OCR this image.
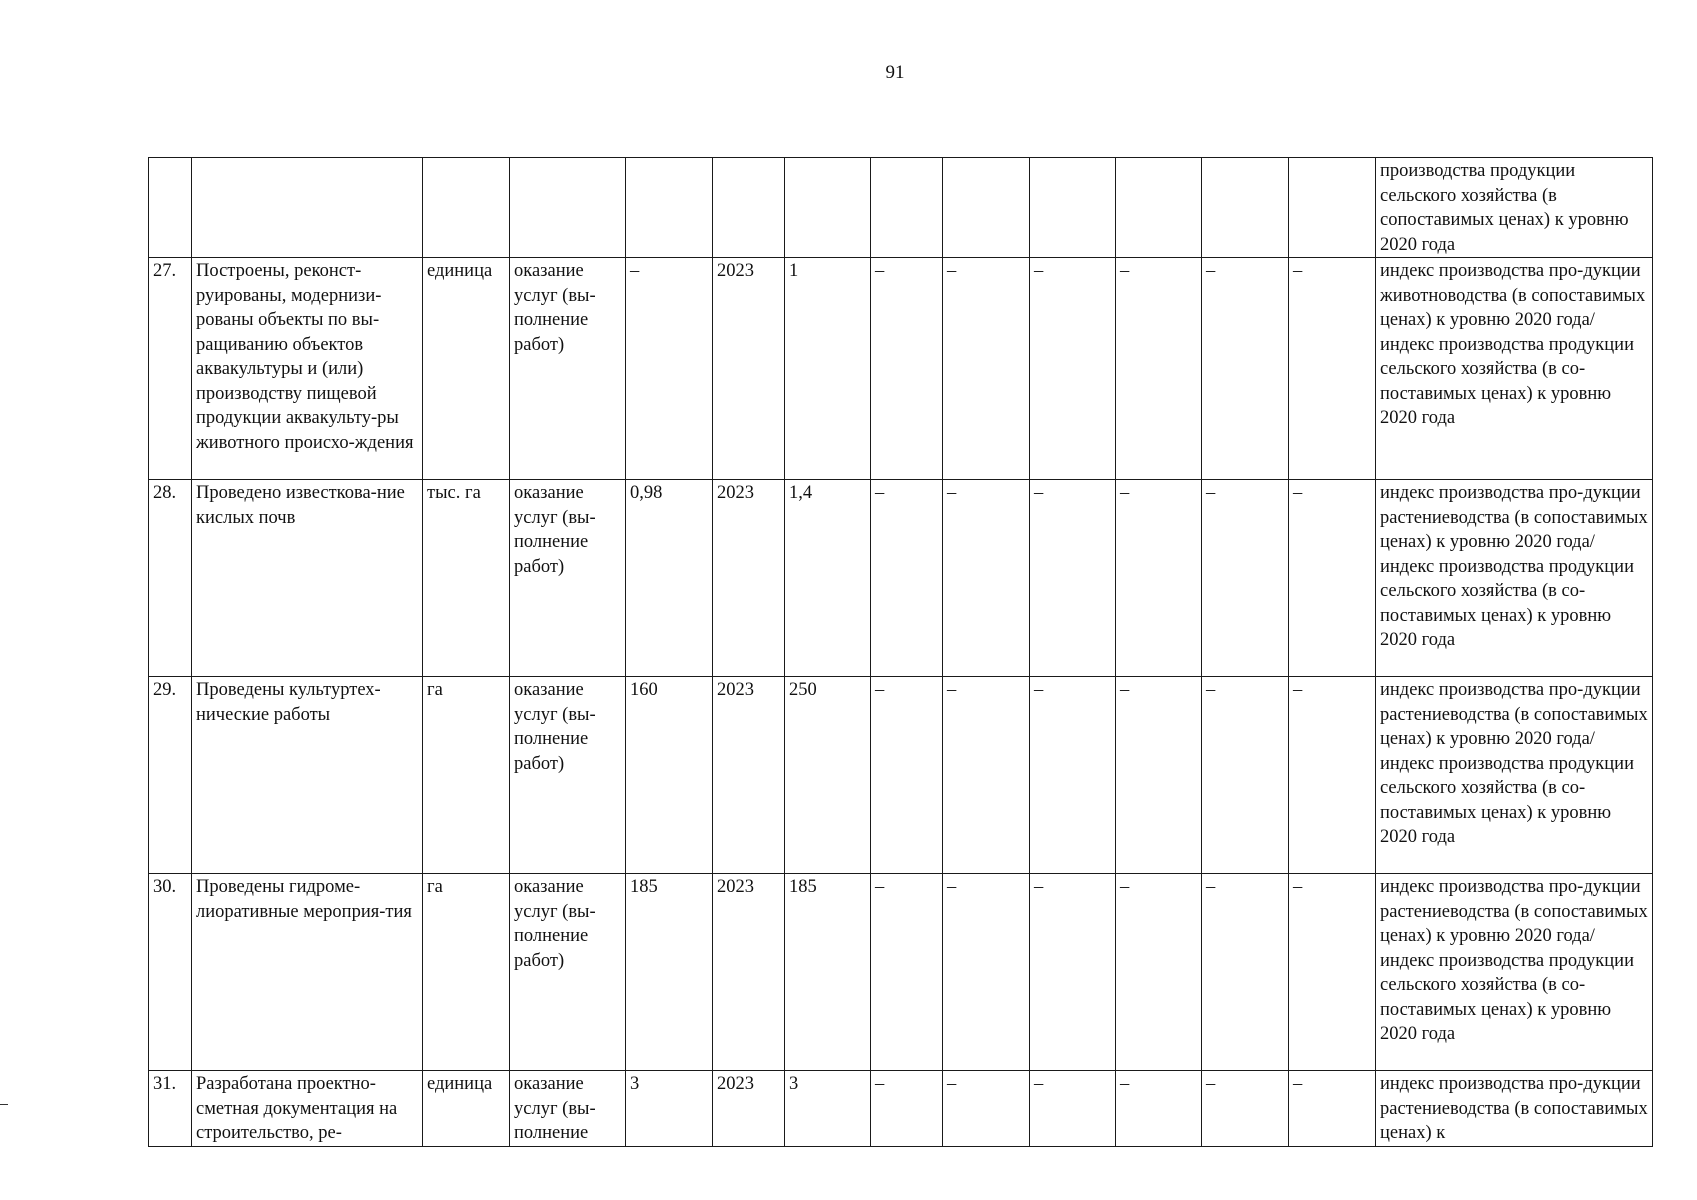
91
													производства продукции сельского хозяйства (в сопоставимых ценах) к уровню 2020 года
27.	Построены, реконст-руированы, модернизи-рованы объекты по вы-ращиванию объектов аквакультуры и (или) производству пищевой продукции аквакульту-ры животного происхо-ждения	единица	оказание услуг (вы-полнение работ)	–	2023	1	–	–	–	–	–	–	индекс производства про-дукции животноводства (в сопоставимых ценах) к уровню 2020 года/индекс производства продукции сельского хозяйства (в со-поставимых ценах) к уровню 2020 года
28.	Проведено известкова-ние кислых почв	тыс. га	оказание услуг (вы-полнение работ)	0,98	2023	1,4	–	–	–	–	–	–	индекс производства про-дукции растениеводства (в сопоставимых ценах) к уровню 2020 года/индекс производства продукции сельского хозяйства (в со-поставимых ценах) к уровню 2020 года
29.	Проведены культуртех-нические работы	га	оказание услуг (вы-полнение работ)	160	2023	250	–	–	–	–	–	–	индекс производства про-дукции растениеводства (в сопоставимых ценах) к уровню 2020 года/индекс производства продукции сельского хозяйства (в со-поставимых ценах) к уровню 2020 года
30.	Проведены гидроме-лиоративные мероприя-тия	га	оказание услуг (вы-полнение работ)	185	2023	185	–	–	–	–	–	–	индекс производства про-дукции растениеводства (в сопоставимых ценах) к уровню 2020 года/индекс производства продукции сельского хозяйства (в со-поставимых ценах) к уровню 2020 года
31.	Разработана проектно-сметная документация на строительство, ре-	единица	оказание услуг (вы-полнение	3	2023	3	–	–	–	–	–	–	индекс производства про-дукции растениеводства (в сопоставимых ценах) к
